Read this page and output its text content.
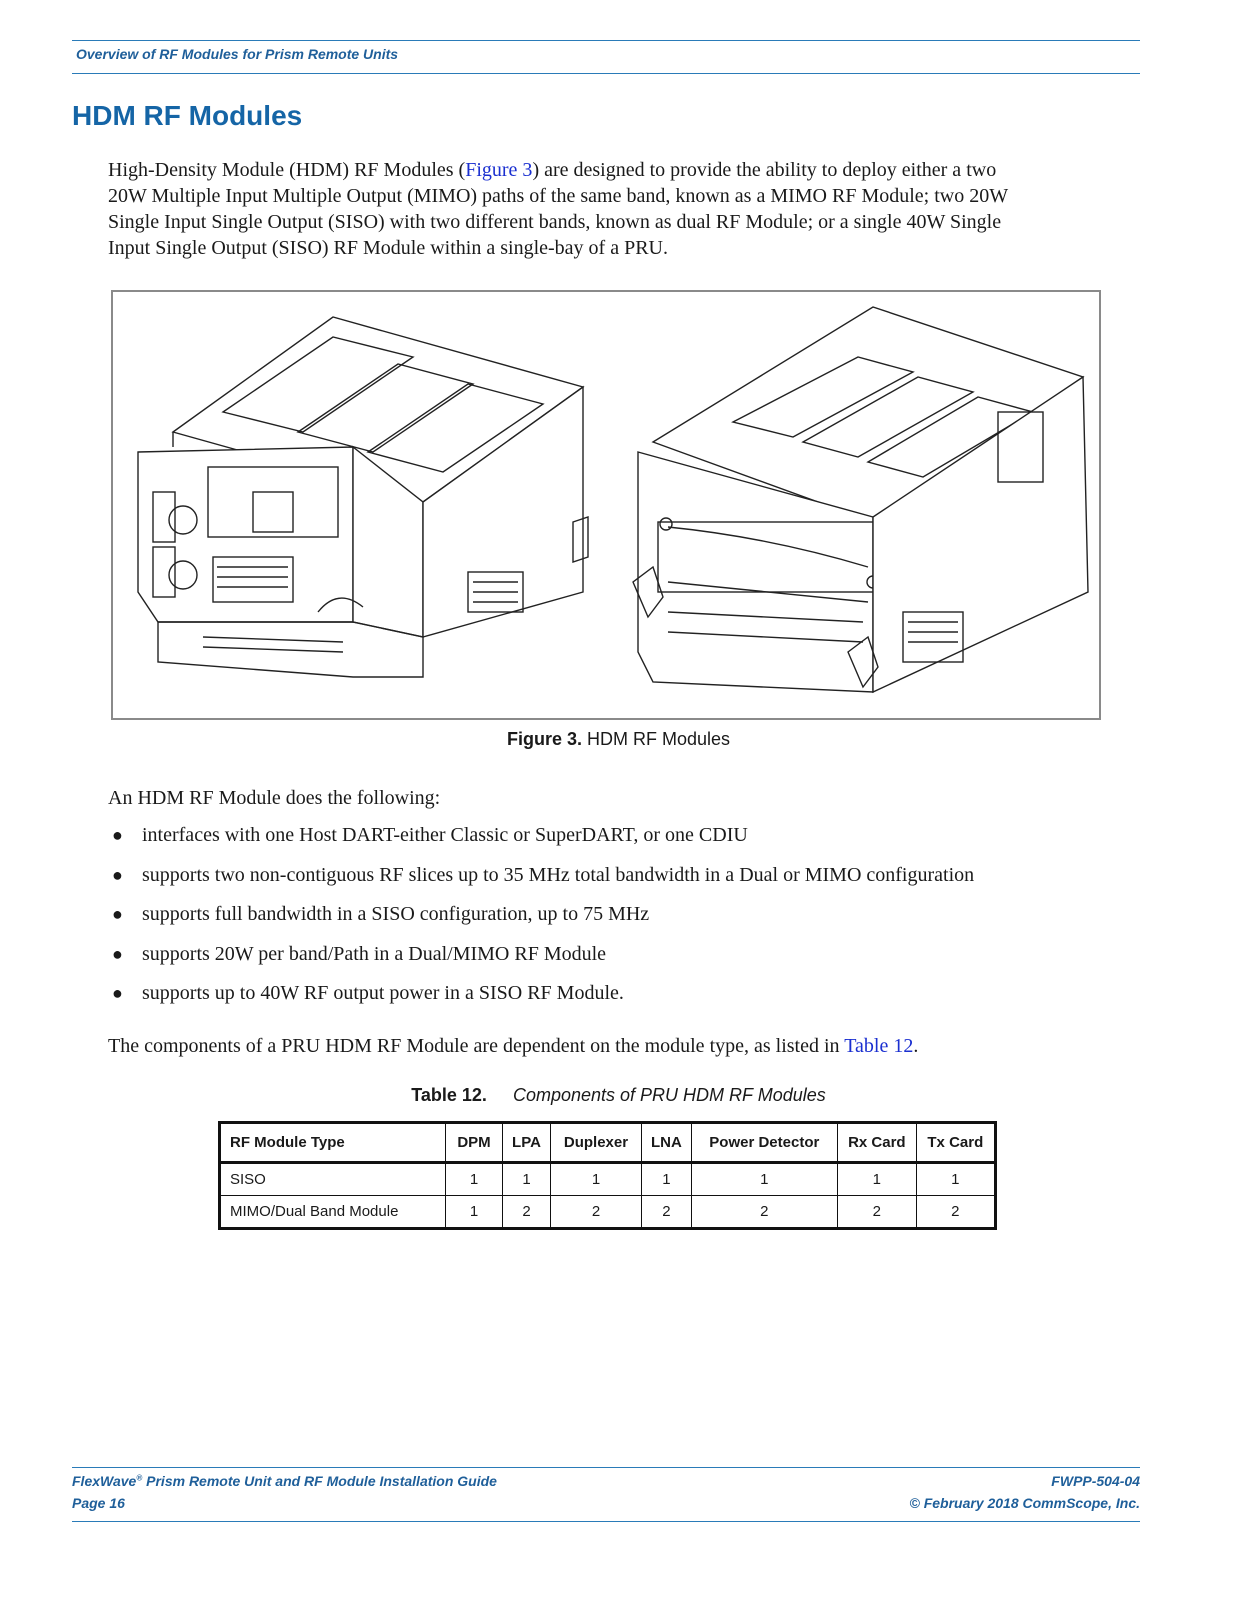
Overview of RF Modules for Prism Remote Units
HDM RF Modules
High-Density Module (HDM) RF Modules (Figure 3) are designed to provide the ability to deploy either a two
20W Multiple Input Multiple Output (MIMO) paths of the same band, known as a MIMO RF Module; two 20W
Single Input Single Output (SISO) with two different bands, known as dual RF Module; or a single 40W Single
Input Single Output (SISO) RF Module within a single-bay of a PRU.
Figure 3. HDM RF Modules
An HDM RF Module does the following:
● interfaces with one Host DART-either Classic or SuperDART, or one CDIU
● supports two non-contiguous RF slices up to 35 MHz total bandwidth in a Dual or MIMO configuration
● supports full bandwidth in a SISO configuration, up to 75 MHz
● supports 20W per band/Path in a Dual/MIMO RF Module
● supports up to 40W RF output power in a SISO RF Module.
The components of a PRU HDM RF Module are dependent on the module type, as listed in Table 12.
Table 12. Components of PRU HDM RF Modules
RF Module Type	DPM	LPA	Duplexer	LNA	Power Detector	Rx Card	Tx Card
SISO	1	1	1	1	1	1	1
MIMO/Dual Band Module	1	2	2	2	2	2	2
FlexWave® Prism Remote Unit and RF Module Installation Guide	FWPP-504-04
Page 16	© February 2018 CommScope, Inc.
